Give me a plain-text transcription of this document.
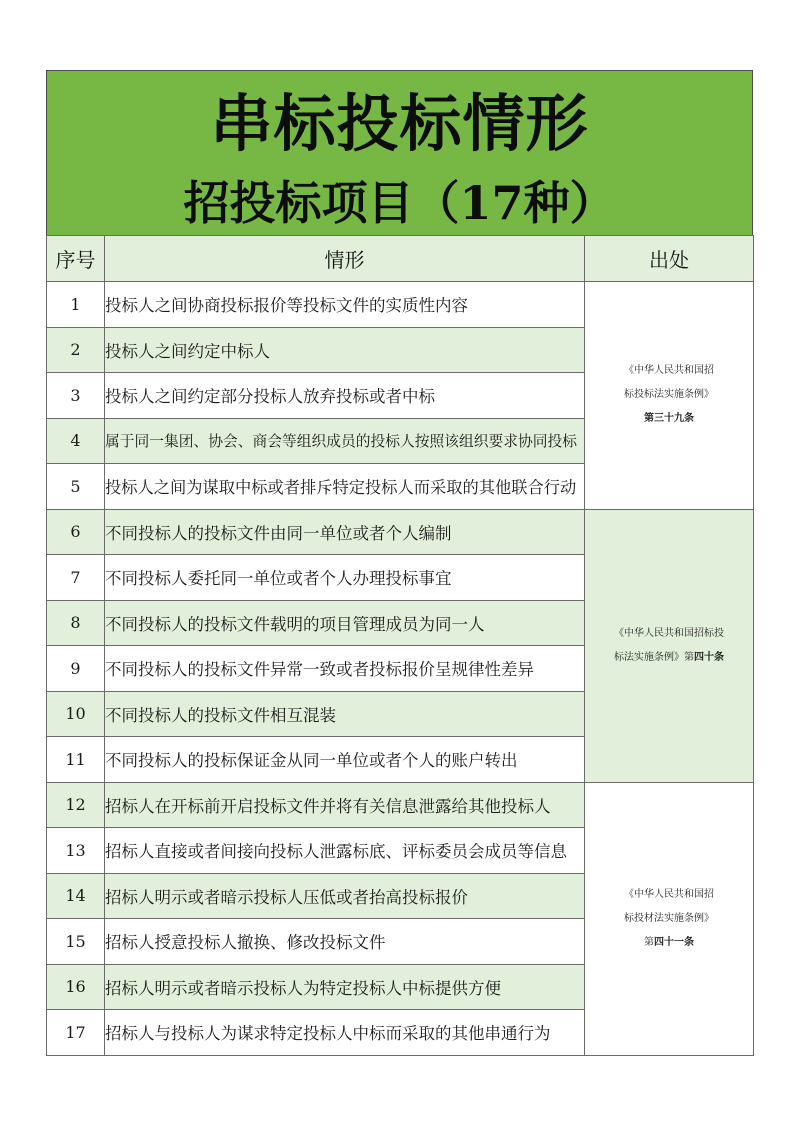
串标投标情形
招投标项目（17种）
序号	情形	出处
1	投标人之间协商投标报价等投标文件的实质性内容	《中华人民共和国招
标投标法实施条例》
第三十九条

2	投标人之间约定中标人	
3	投标人之间约定部分投标人放弃投标或者中标	
4	属于同一集团、协会、商会等组织成员的投标人按照该组织要求协同投标	
5	投标人之间为谋取中标或者排斥特定投标人而采取的其他联合行动	
6	不同投标人的投标文件由同一单位或者个人编制	《中华人民共和国招标投
标法实施条例》第四十条

7	不同投标人委托同一单位或者个人办理投标事宜	
8	不同投标人的投标文件载明的项目管理成员为同一人	
9	不同投标人的投标文件异常一致或者投标报价呈规律性差异	
10	不同投标人的投标文件相互混装	
11	不同投标人的投标保证金从同一单位或者个人的账户转出	
12	招标人在开标前开启投标文件并将有关信息泄露给其他投标人	《中华人民共和国招
标投材法实施条例》
第四十一条

13	招标人直接或者间接向投标人泄露标底、评标委员会成员等信息	
14	招标人明示或者暗示投标人压低或者抬高投标报价	
15	招标人授意投标人撤换、修改投标文件	
16	招标人明示或者暗示投标人为特定投标人中标提供方便	
17	招标人与投标人为谋求特定投标人中标而采取的其他串通行为	
